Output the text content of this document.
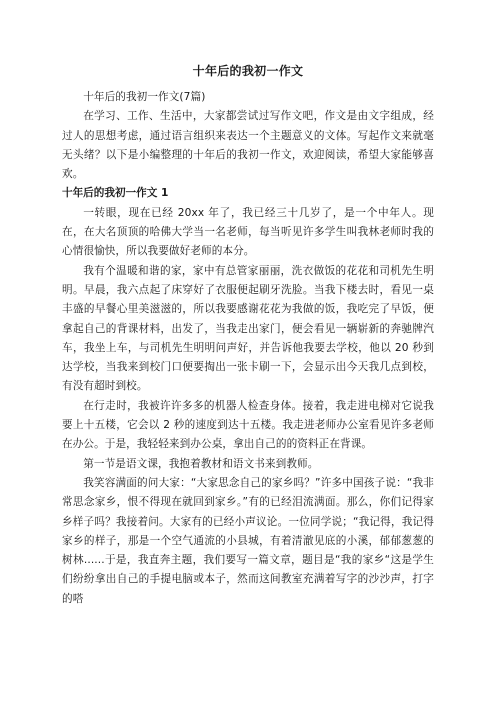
十年后的我初一作文

十年后的我初一作文(7篇)

在学习、工作、生活中，大家都尝试过写作文吧，作文是由文字组成，经过人的思想考虑，通过语言组织来表达一个主题意义的文体。写起作文来就毫无头绪？以下是小编整理的十年后的我初一作文，欢迎阅读，希望大家能够喜欢。

十年后的我初一作文 1

一转眼，现在已经 20xx 年了，我已经三十几岁了，是一个中年人。现在，在大名顶顶的哈佛大学当一名老师，每当听见许多学生叫我林老师时我的心情很愉快，所以我要做好老师的本分。

我有个温暖和谐的家，家中有总管家丽丽，洗衣做饭的花花和司机先生明明。早晨，我六点起了床穿好了衣服便起刷牙洗脸。当我下楼去时，看见一桌丰盛的早餐心里美滋滋的，所以我要感谢花花为我做的饭，我吃完了早饭，便拿起自己的背课材料，出发了，当我走出家门，便会看见一辆崭新的奔驰牌汽车，我坐上车，与司机先生明明问声好，并告诉他我要去学校，他以 20 秒到达学校，当我来到校门口便要掏出一张卡刷一下，会显示出今天我几点到校，有没有超时到校。

在行走时，我被许许多多的机器人检查身体。接着，我走进电梯对它说我要上十五楼，它会以 2 秒的速度到达十五楼。我走进老师办公室看见许多老师在办公。于是，我轻轻来到办公桌，拿出自己的的资料正在背课。

第一节是语文课，我抱着教材和语文书来到教师。

我笑容满面的问大家：“大家思念自己的家乡吗？”许多中国孩子说：“我非常思念家乡，恨不得现在就回到家乡。”有的已经泪流满面。那么，你们记得家乡样子吗？我接着问。大家有的已经小声议论。一位同学说；“我记得，我记得家乡的样子，那是一个空气通流的小县城，有着清澈见底的小溪，郁郁葱葱的树林......于是，我直奔主题，我们要写一篇文章，题目是“我的家乡“这是学生们纷纷拿出自己的手提电脑或本子，然而这间教室充满着写字的沙沙声，打字的嗒
